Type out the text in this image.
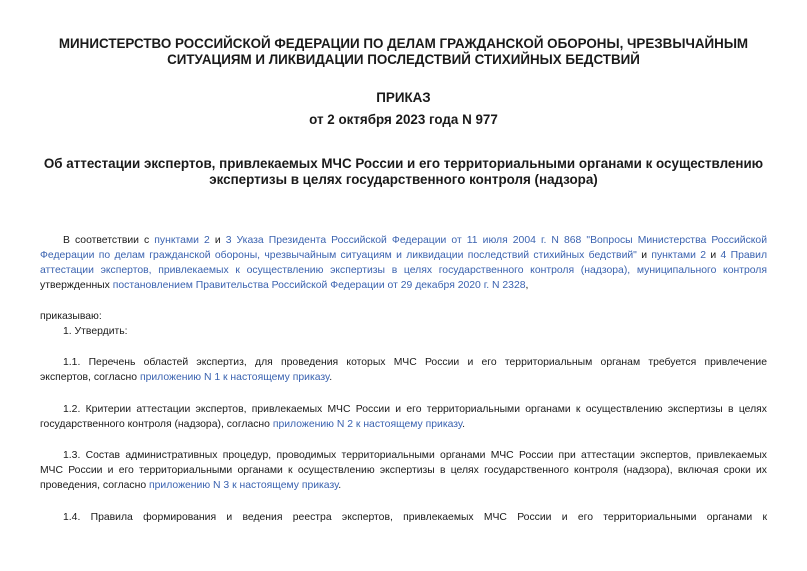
МИНИСТЕРСТВО РОССИЙСКОЙ ФЕДЕРАЦИИ ПО ДЕЛАМ ГРАЖДАНСКОЙ ОБОРОНЫ, ЧРЕЗВЫЧАЙНЫМ
СИТУАЦИЯМ И ЛИКВИДАЦИИ ПОСЛЕДСТВИЙ СТИХИЙНЫХ БЕДСТВИЙ
ПРИКАЗ
от 2 октября 2023 года N 977
Об аттестации экспертов, привлекаемых МЧС России и его территориальными органами к осуществлению
экспертизы в целях государственного контроля (надзора)
В соответствии с пунктами 2 и 3 Указа Президента Российской Федерации от 11 июля 2004 г. N 868 "Вопросы Министерства Российской
Федерации по делам гражданской обороны, чрезвычайным ситуациям и ликвидации последствий стихийных бедствий" и пунктами 2 и 4 Правил
аттестации экспертов, привлекаемых к осуществлению экспертизы в целях государственного контроля (надзора), муниципального контроля
утвержденных постановлением Правительства Российской Федерации от 29 декабря 2020 г. N 2328,
приказываю:
1. Утвердить:
1.1. Перечень областей экспертиз, для проведения которых МЧС России и его территориальным органам требуется привлечение
экспертов, согласно приложению N 1 к настоящему приказу.
1.2. Критерии аттестации экспертов, привлекаемых МЧС России и его территориальными органами к осуществлению экспертизы в целях
государственного контроля (надзора), согласно приложению N 2 к настоящему приказу.
1.3. Состав административных процедур, проводимых территориальными органами МЧС России при аттестации экспертов, привлекаемых
МЧС России и его территориальными органами к осуществлению экспертизы в целях государственного контроля (надзора), включая сроки их
проведения, согласно приложению N 3 к настоящему приказу.
1.4. Правила формирования и ведения реестра экспертов, привлекаемых МЧС России и его территориальными органами к
